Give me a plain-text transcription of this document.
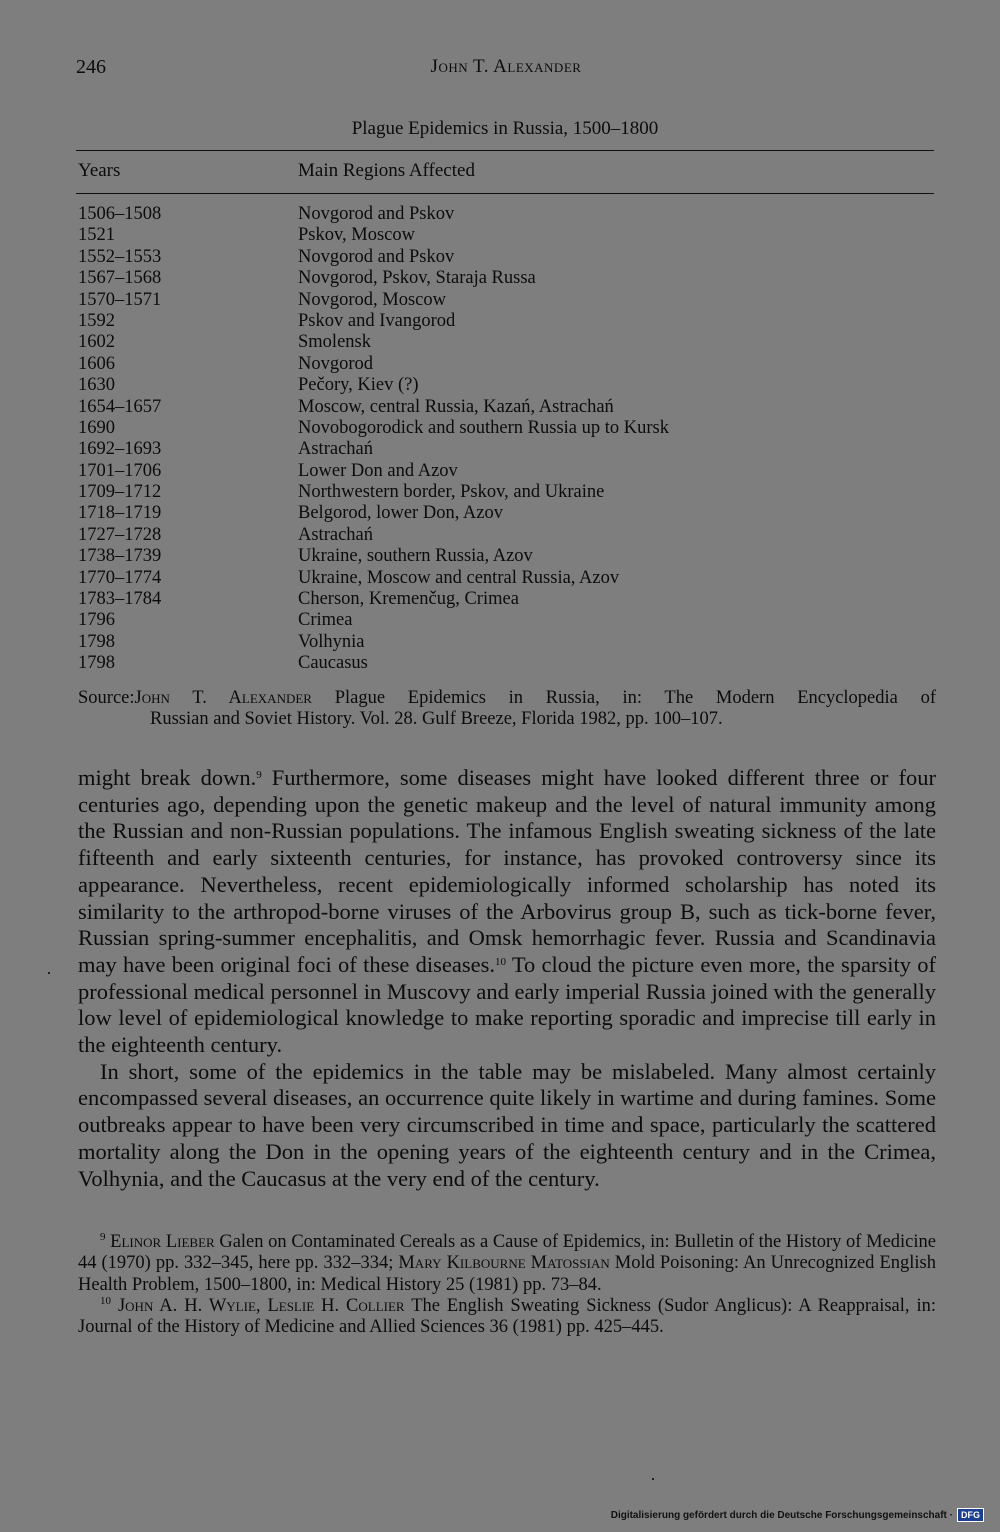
246	John T. Alexander
Plague Epidemics in Russia, 1500–1800
Years	Main Regions Affected
1506–1508	Novgorod and Pskov
1521	Pskov, Moscow
1552–1553	Novgorod and Pskov
1567–1568	Novgorod, Pskov, Staraja Russa
1570–1571	Novgorod, Moscow
1592	Pskov and Ivangorod
1602	Smolensk
1606	Novgorod
1630	Pečory, Kiev (?)
1654–1657	Moscow, central Russia, Kazań, Astrachań
1690	Novobogorodick and southern Russia up to Kursk
1692–1693	Astrachań
1701–1706	Lower Don and Azov
1709–1712	Northwestern border, Pskov, and Ukraine
1718–1719	Belgorod, lower Don, Azov
1727–1728	Astrachań
1738–1739	Ukraine, southern Russia, Azov
1770–1774	Ukraine, Moscow and central Russia, Azov
1783–1784	Cherson, Kremenčug, Crimea
1796	Crimea
1798	Volhynia
1798	Caucasus

Source:John T. Alexander Plague Epidemics in Russia, in: The Modern Encyclopedia of

Russian and Soviet History. Vol. 28. Gulf Breeze, Florida 1982, pp. 100–107.

might break down.$^9$ Furthermore, some diseases might have looked different three or four centuries ago, depending upon the genetic makeup and the level of natural immunity among the Russian and non-Russian populations. The infamous English sweating sickness of the late fifteenth and early sixteenth centuries, for instance, has provoked controversy since its appearance. Nevertheless, recent epidemiologically informed scholarship has noted its similarity to the arthropod-borne viruses of the Arbovirus group B, such as tick-borne fever, Russian spring-summer encephalitis, and Omsk hemorrhagic fever. Russia and Scandinavia may have been original foci of these diseases.$^{10}$ To cloud the picture even more, the sparsity of professional medical personnel in Muscovy and early imperial Russia joined with the generally low level of epidemiological knowledge to make reporting sporadic and imprecise till early in the eighteenth century.

In short, some of the epidemics in the table may be mislabeled. Many almost certainly encompassed several diseases, an occurrence quite likely in wartime and during famines. Some outbreaks appear to have been very circumscribed in time and space, particularly the scattered mortality along the Don in the opening years of the eighteenth century and in the Crimea, Volhynia, and the Caucasus at the very end of the century.

$^9$ Elinor Lieber Galen on Contaminated Cereals as a Cause of Epidemics, in: Bulletin of the History of Medicine 44 (1970) pp. 332–345, here pp. 332–334; Mary Kilbourne Matossian Mold Poisoning: An Unrecognized English Health Problem, 1500–1800, in: Medical History 25 (1981) pp. 73–84.

$^{10}$ John A. H. Wylie, Leslie H. Collier The English Sweating Sickness (Sudor Anglicus): A Reappraisal, in: Journal of the History of Medicine and Allied Sciences 36 (1981) pp. 425–445.

Digitalisierung gefördert durch die Deutsche Forschungsgemeinschaft · DFG
